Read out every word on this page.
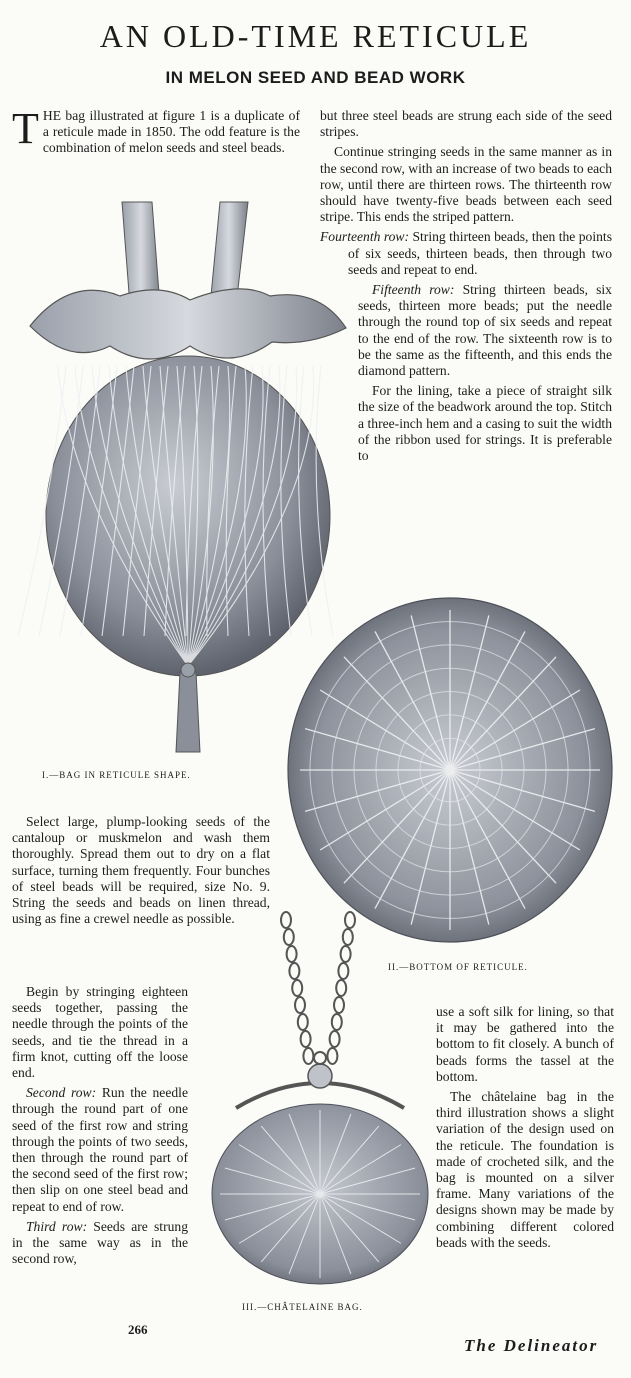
AN OLD-TIME RETICULE
IN MELON SEED AND BEAD WORK
T HE bag illustrated at figure 1 is a duplicate of a reticule made in 1850. The odd feature is the combination of melon seeds and steel beads.

but three steel beads are strung each side of the seed stripes.

Continue stringing seeds in the same manner as in the second row, with an increase of two beads to each row, until there are thirteen rows. The thirteenth row should have twenty-five beads between each seed stripe. This ends the striped pattern.

Fourteenth row: String thirteen beads, then the points of six seeds, thirteen beads, then through two seeds and repeat to end.

Fifteenth row: String thirteen beads, six seeds, thirteen more beads; put the needle through the round top of six seeds and repeat to the end of the row. The sixteenth row is to be the same as the fifteenth, and this ends the diamond pattern.

For the lining, take a piece of straight silk the size of the beadwork around the top. Stitch a three-inch hem and a casing to suit the width of the ribbon used for strings. It is preferable to

I.—BAG IN RETICULE SHAPE.
II.—BOTTOM OF RETICULE.

Select large, plump-looking seeds of the cantaloup or muskmelon and wash them thoroughly. Spread them out to dry on a flat surface, turning them frequently. Four bunches of steel beads will be required, size No. 9. String the seeds and beads on linen thread, using as fine a crewel needle as possible.

Begin by stringing eighteen seeds together, passing the needle through the points of the seeds, and tie the thread in a firm knot, cutting off the loose end.

Second row: Run the needle through the round part of one seed of the first row and string through the points of two seeds, then through the round part of the second seed of the first row; then slip on one steel bead and repeat to end of row.

Third row: Seeds are strung in the same way as in the second row,

III.—CHÂTELAINE BAG.

use a soft silk for lining, so that it may be gathered into the bottom to fit closely. A bunch of beads forms the tassel at the bottom.

The châtelaine bag in the third illustration shows a slight variation of the design used on the reticule. The foundation is made of crocheted silk, and the bag is mounted on a silver frame. Many variations of the designs shown may be made by combining different colored beads with the seeds.

266
The Delineator
